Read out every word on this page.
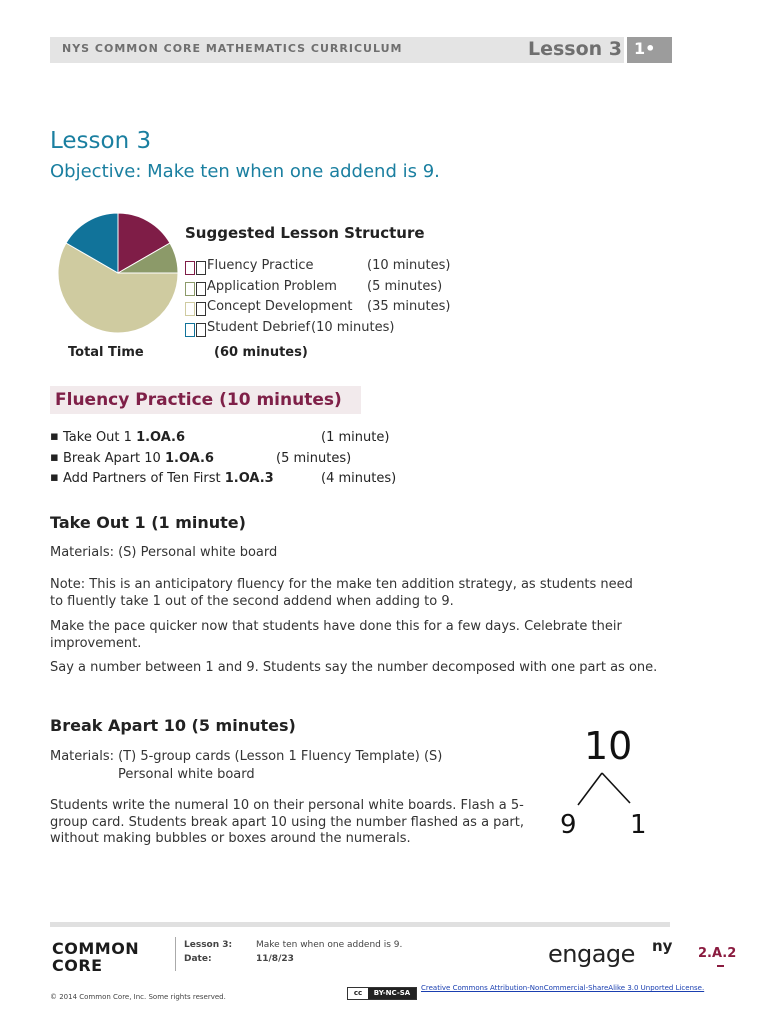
NYS COMMON CORE MATHEMATICS CURRICULUM	Lesson 3 1•
Lesson 3
Objective: Make ten when one addend is 9.
Suggested Lesson Structure
Fluency Practice	(10 minutes)
Application Problem (5 minutes)
Concept Development (35 minutes)
Student Debrief (10 minutes)
Total Time	(60 minutes)
Fluency Practice (10 minutes)
▪ Take Out 1 1.OA.6	(1 minute)
▪ Break Apart 10 1.OA.6	(5 minutes)
▪ Add Partners of Ten First 1.OA.3	(4 minutes)
Take Out 1 (1 minute)
Materials: (S) Personal white board
Note: This is an anticipatory fluency for the make ten addition strategy, as students need to fluently take 1 out of the second addend when adding to 9.
Make the pace quicker now that students have done this for a few days. Celebrate their improvement.
Say a number between 1 and 9. Students say the number decomposed with one part as one.
Break Apart 10 (5 minutes)
Materials: (T) 5-group cards (Lesson 1 Fluency Template) (S)
Personal white board
Students write the numeral 10 on their personal white boards. Flash a 5-group card. Students break apart 10 using the number flashed as a part, without making bubbles or boxes around the numerals.
10
9 1
COMMON
CORE
Lesson 3:	Make ten when one addend is 9.
Date:	11/8/23	engage ny 2.A.2
© 2014 Common Core, Inc. Some rights reserved.	cc	BY-NC-SA
Creative Commons Attribution-NonCommercial-ShareAlike 3.0 Unported License.
